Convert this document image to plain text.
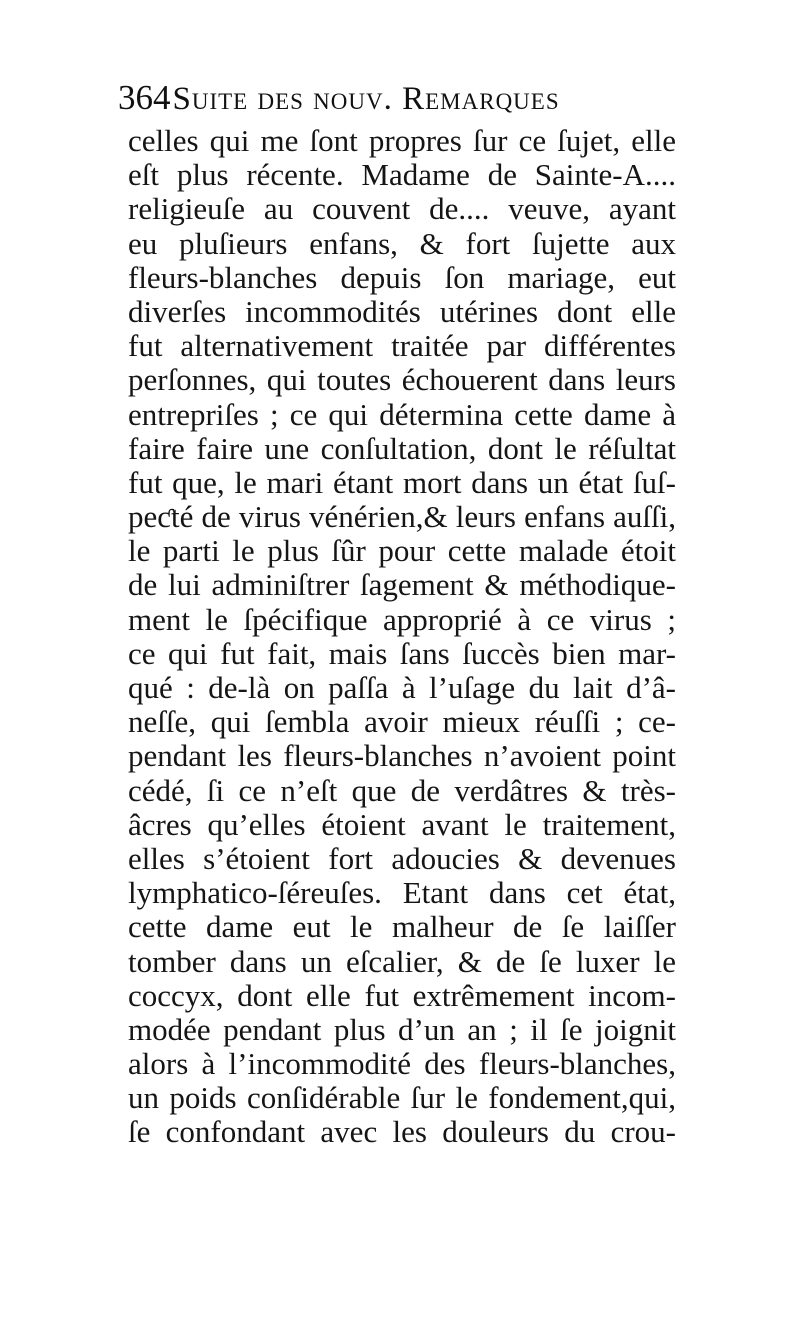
364Suite des nouv. Remarques
celles qui me ſont propres ſur ce ſujet, elle
eſt plus récente. Madame de Sainte-A....
religieuſe au couvent de.... veuve, ayant
eu pluſieurs enfans, & fort ſujette aux
fleurs-blanches depuis ſon mariage, eut
diverſes incommodités utérines dont elle
fut alternativement traitée par différentes
perſonnes, qui toutes échouerent dans leurs
entrepriſes ; ce qui détermina cette dame à
faire faire une conſultation, dont le réſultat
fut que, le mari étant mort dans un état ſuſ-
peƈté de virus vénérien,& leurs enfans auſſi,
le parti le plus ſûr pour cette malade étoit
de lui adminiſtrer ſagement & méthodique-
ment le ſpécifique approprié à ce virus ;
ce qui fut fait, mais ſans ſuccès bien mar-
qué : de-là on paſſa à l’uſage du lait d’â-
neſſe, qui ſembla avoir mieux réuſſi ; ce-
pendant les fleurs-blanches n’avoient point
cédé, ſi ce n’eſt que de verdâtres & très-
âcres qu’elles étoient avant le traitement,
elles s’étoient fort adoucies & devenues
lymphatico-ſéreuſes. Etant dans cet état,
cette dame eut le malheur de ſe laiſſer
tomber dans un eſcalier, & de ſe luxer le
coccyx, dont elle fut extrêmement incom-
modée pendant plus d’un an ; il ſe joignit
alors à l’incommodité des fleurs-blanches,
un poids conſidérable ſur le fondement,qui,
ſe confondant avec les douleurs du crou-
